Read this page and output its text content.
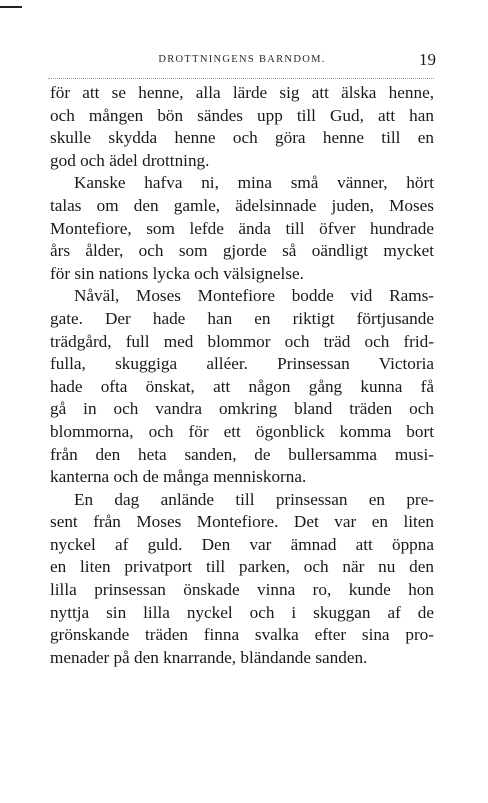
DROTTNINGENS BARNDOM.	19
för att se henne, alla lärde sig att älska henne,
och mången bön sändes upp till Gud, att han
skulle skydda henne och göra henne till en
god och ädel drottning.
Kanske hafva ni, mina små vänner, hört
talas om den gamle, ädelsinnade juden, Moses
Montefiore, som lefde ända till öfver hundrade
års ålder, och som gjorde så oändligt mycket
för sin nations lycka och välsignelse.
Nåväl, Moses Montefiore bodde vid Rams-
gate. Der hade han en riktigt förtjusande
trädgård, full med blommor och träd och frid-
fulla, skuggiga alléer. Prinsessan Victoria
hade ofta önskat, att någon gång kunna få
gå in och vandra omkring bland träden och
blommorna, och för ett ögonblick komma bort
från den heta sanden, de bullersamma musi-
kanterna och de många menniskorna.
En dag anlände till prinsessan en pre-
sent från Moses Montefiore. Det var en liten
nyckel af guld. Den var ämnad att öppna
en liten privatport till parken, och när nu den
lilla prinsessan önskade vinna ro, kunde hon
nyttja sin lilla nyckel och i skuggan af de
grönskande träden finna svalka efter sina pro-
menader på den knarrande, bländande sanden.
